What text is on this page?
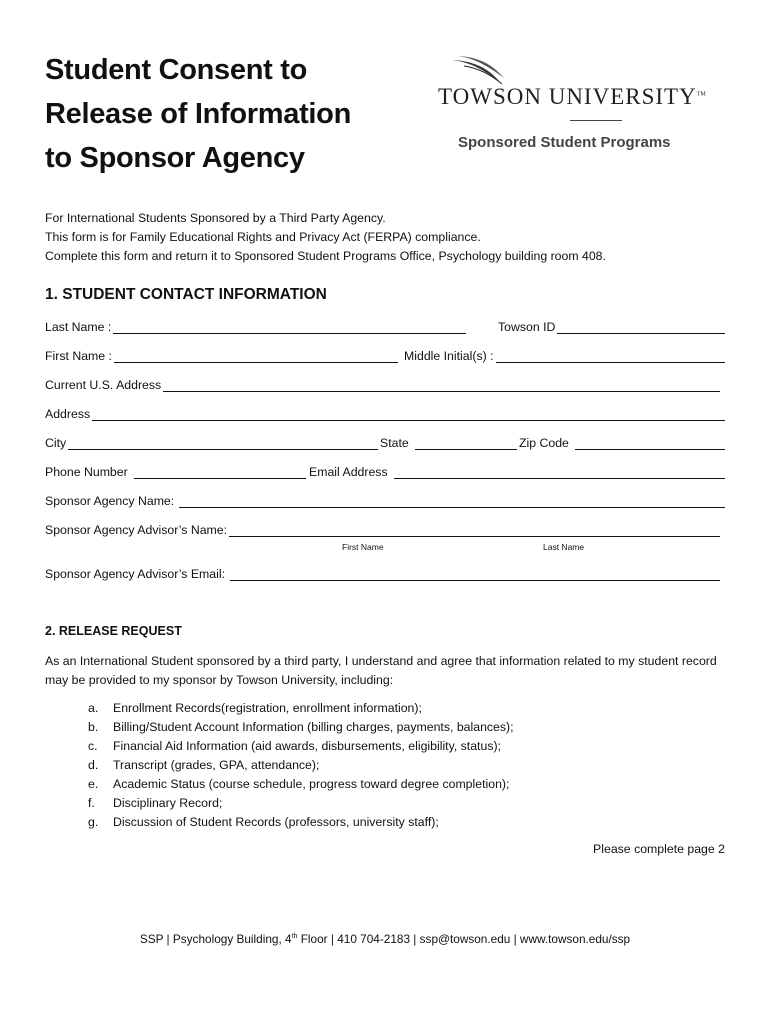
Student Consent to
Release of Information
to Sponsor Agency
TOWSON UNIVERSITY™
Sponsored Student Programs
For International Students Sponsored by a Third Party Agency.
This form is for Family Educational Rights and Privacy Act (FERPA) compliance.
Complete this form and return it to Sponsored Student Programs Office, Psychology building room 408.
1. STUDENT CONTACT INFORMATION
Last Name :	Towson ID
First Name :	Middle Initial(s) :
Current U.S. Address
Address
City	State	Zip Code
Phone Number	Email Address
Sponsor Agency Name:
Sponsor Agency Advisor’s Name:
First Name	Last Name
Sponsor Agency Advisor’s Email:
2. RELEASE REQUEST
As an International Student sponsored by a third party, I understand and agree that information related to my student record may be provided to my sponsor by Towson University, including:
a.	Enrollment Records(registration, enrollment information);
b.	Billing/Student Account Information (billing charges, payments, balances);
c.	Financial Aid Information (aid awards, disbursements, eligibility, status);
d.	Transcript (grades, GPA, attendance);
e.	Academic Status (course schedule, progress toward degree completion);
f.	Disciplinary Record;
g.	Discussion of Student Records (professors, university staff);
Please complete page 2
SSP | Psychology Building, 4th Floor | 410 704-2183 | ssp@towson.edu | www.towson.edu/ssp
